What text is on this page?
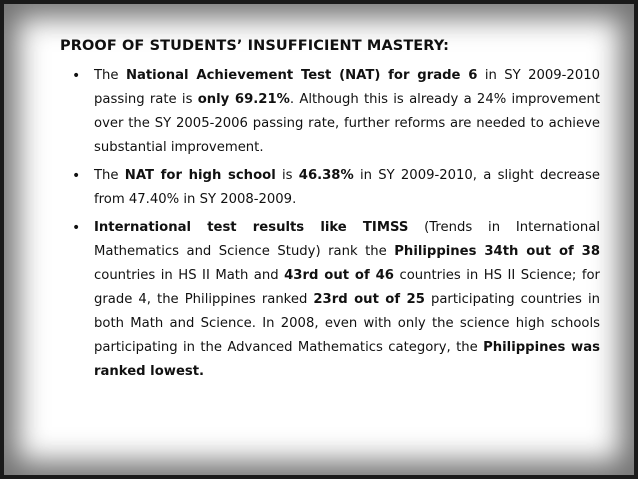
PROOF OF STUDENTS’ INSUFFICIENT MASTERY:
• The National Achievement Test (NAT) for grade 6 in SY 2009-2010 passing rate is only 69.21%. Although this is already a 24% improvement over the SY 2005-2006 passing rate, further reforms are needed to achieve substantial improvement.
• The NAT for high school is 46.38% in SY 2009-2010, a slight decrease from 47.40% in SY 2008-2009.
• International test results like TIMSS (Trends in International Mathematics and Science Study) rank the Philippines 34th out of 38 countries in HS II Math and 43rd out of 46 countries in HS II Science; for grade 4, the Philippines ranked 23rd out of 25 participating countries in both Math and Science. In 2008, even with only the science high schools participating in the Advanced Mathematics category, the Philippines was ranked lowest.
